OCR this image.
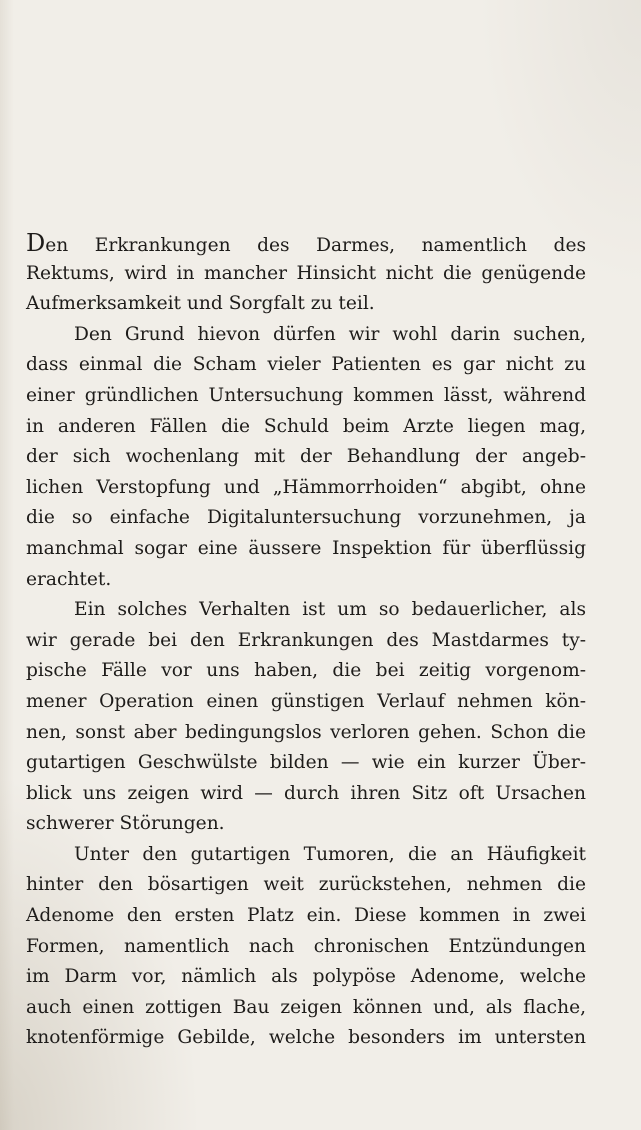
Den Erkrankungen des Darmes, namentlich des
Rektums, wird in mancher Hinsicht nicht die genügende
Aufmerksamkeit und Sorgfalt zu teil.
Den Grund hievon dürfen wir wohl darin suchen,
dass einmal die Scham vieler Patienten es gar nicht zu
einer gründlichen Untersuchung kommen lässt, während
in anderen Fällen die Schuld beim Arzte liegen mag,
der sich wochenlang mit der Behandlung der angeb-
lichen Verstopfung und „Hämmorrhoiden“ abgibt, ohne
die so einfache Digitaluntersuchung vorzunehmen, ja
manchmal sogar eine äussere Inspektion für überflüssig
erachtet.
Ein solches Verhalten ist um so bedauerlicher, als
wir gerade bei den Erkrankungen des Mastdarmes ty-
pische Fälle vor uns haben, die bei zeitig vorgenom-
mener Operation einen günstigen Verlauf nehmen kön-
nen, sonst aber bedingungslos verloren gehen. Schon die
gutartigen Geschwülste bilden — wie ein kurzer Über-
blick uns zeigen wird — durch ihren Sitz oft Ursachen
schwerer Störungen.
Unter den gutartigen Tumoren, die an Häufigkeit
hinter den bösartigen weit zurückstehen, nehmen die
Adenome den ersten Platz ein. Diese kommen in zwei
Formen, namentlich nach chronischen Entzündungen
im Darm vor, nämlich als polypöse Adenome, welche
auch einen zottigen Bau zeigen können und, als flache,
knotenförmige Gebilde, welche besonders im untersten
